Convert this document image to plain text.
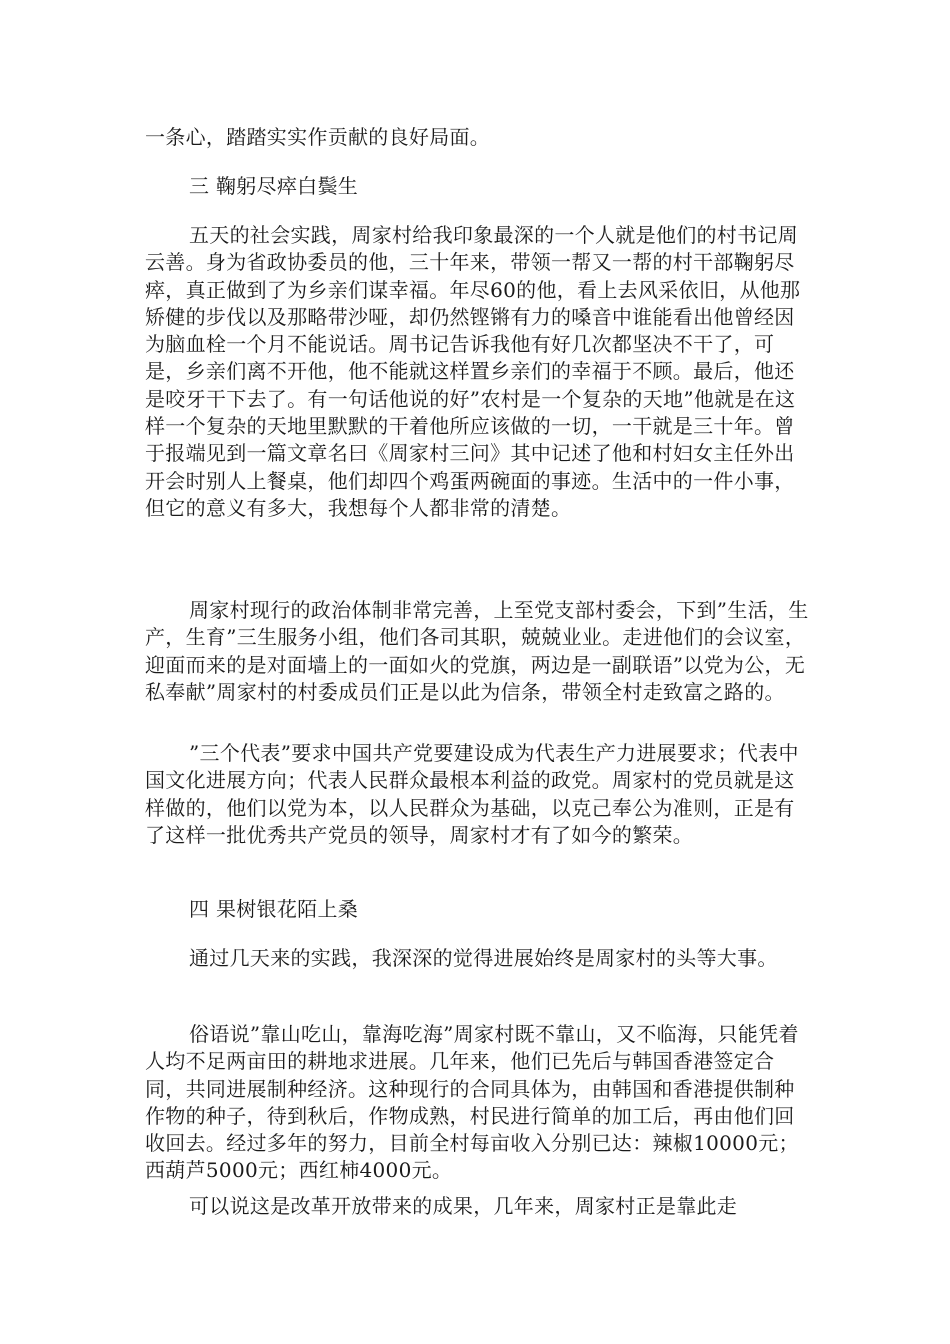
一条心，踏踏实实作贡献的良好局面。

三 鞠躬尽瘁白鬓生

五天的社会实践，周家村给我印象最深的一个人就是他们的村书记周云善。身为省政协委员的他，三十年来，带领一帮又一帮的村干部鞠躬尽瘁，真正做到了为乡亲们谋幸福。年尽60的他，看上去风采依旧，从他那矫健的步伐以及那略带沙哑，却仍然铿锵有力的嗓音中谁能看出他曾经因为脑血栓一个月不能说话。周书记告诉我他有好几次都坚决不干了，可是，乡亲们离不开他，他不能就这样置乡亲们的幸福于不顾。最后，他还是咬牙干下去了。有一句话他说的好”农村是一个复杂的天地”他就是在这样一个复杂的天地里默默的干着他所应该做的一切，一干就是三十年。曾于报端见到一篇文章名曰《周家村三问》其中记述了他和村妇女主任外出开会时别人上餐桌，他们却四个鸡蛋两碗面的事迹。生活中的一件小事，但它的意义有多大，我想每个人都非常的清楚。

周家村现行的政治体制非常完善，上至党支部村委会，下到”生活，生产，生育”三生服务小组，他们各司其职，兢兢业业。走进他们的会议室，迎面而来的是对面墙上的一面如火的党旗，两边是一副联语”以党为公，无私奉献”周家村的村委成员们正是以此为信条，带领全村走致富之路的。

”三个代表”要求中国共产党要建设成为代表生产力进展要求；代表中国文化进展方向；代表人民群众最根本利益的政党。周家村的党员就是这样做的，他们以党为本，以人民群众为基础，以克己奉公为准则，正是有了这样一批优秀共产党员的领导，周家村才有了如今的繁荣。

四 果树银花陌上桑

通过几天来的实践，我深深的觉得进展始终是周家村的头等大事。

俗语说”靠山吃山，靠海吃海”周家村既不靠山，又不临海，只能凭着人均不足两亩田的耕地求进展。几年来，他们已先后与韩国香港签定合同，共同进展制种经济。这种现行的合同具体为，由韩国和香港提供制种作物的种子，待到秋后，作物成熟，村民进行简单的加工后，再由他们回收回去。经过多年的努力，目前全村每亩收入分别已达：辣椒10000元；西葫芦5000元；西红柿4000元。

可以说这是改革开放带来的成果，几年来，周家村正是靠此走
